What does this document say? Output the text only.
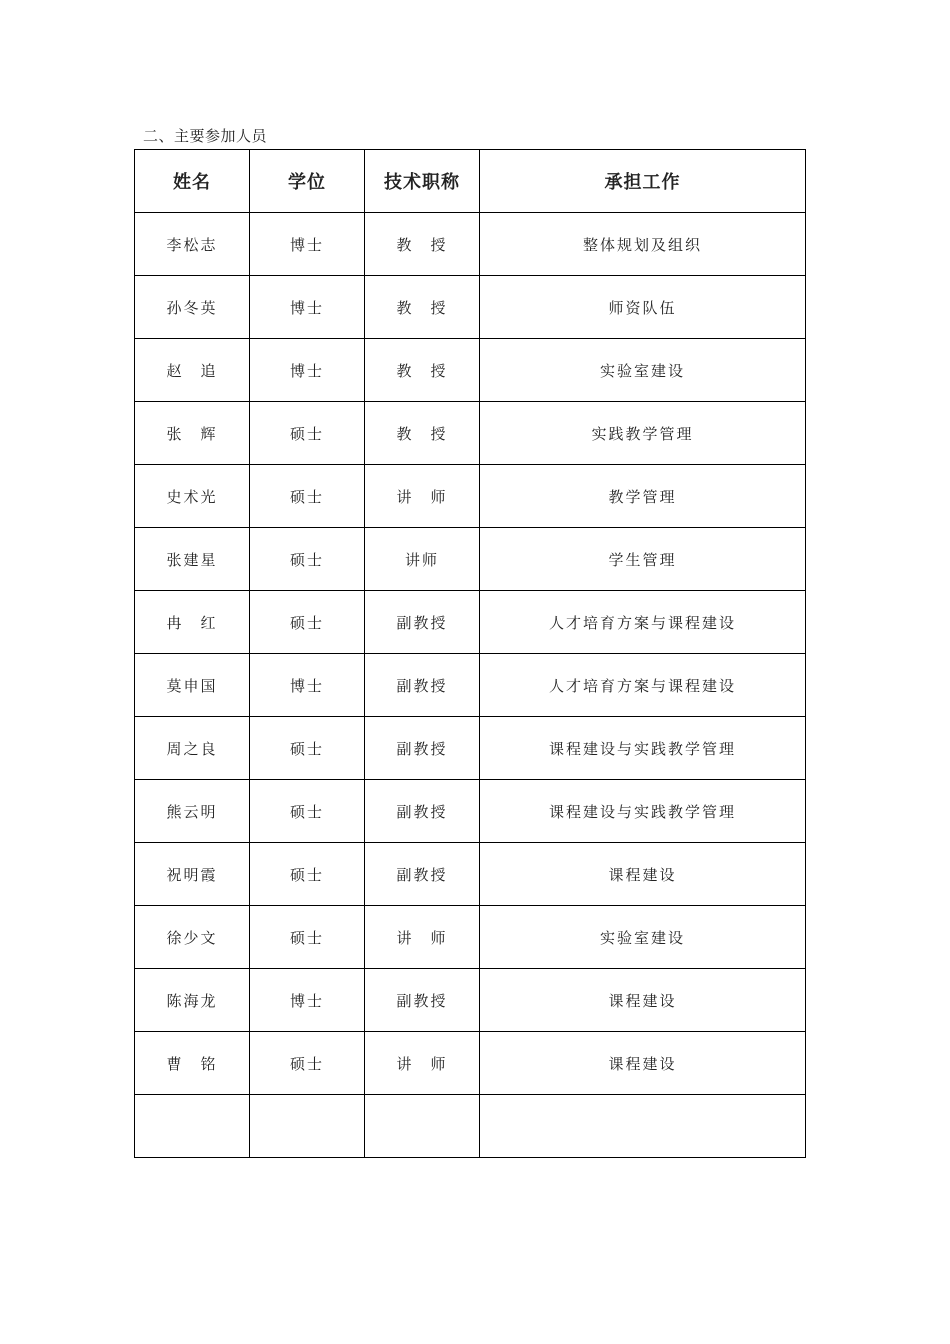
二、主要参加人员
姓名	学位	技术职称	承担工作
李松志	博士	教　授	整体规划及组织
孙冬英	博士	教　授	师资队伍
赵　追	博士	教　授	实验室建设
张　辉	硕士	教　授	实践教学管理
史术光	硕士	讲　师	教学管理
张建星	硕士	讲师	学生管理
冉　红	硕士	副教授	人才培育方案与课程建设
莫申国	博士	副教授	人才培育方案与课程建设
周之良	硕士	副教授	课程建设与实践教学管理
熊云明	硕士	副教授	课程建设与实践教学管理
祝明霞	硕士	副教授	课程建设
徐少文	硕士	讲　师	实验室建设
陈海龙	博士	副教授	课程建设
曹　铭	硕士	讲　师	课程建设
